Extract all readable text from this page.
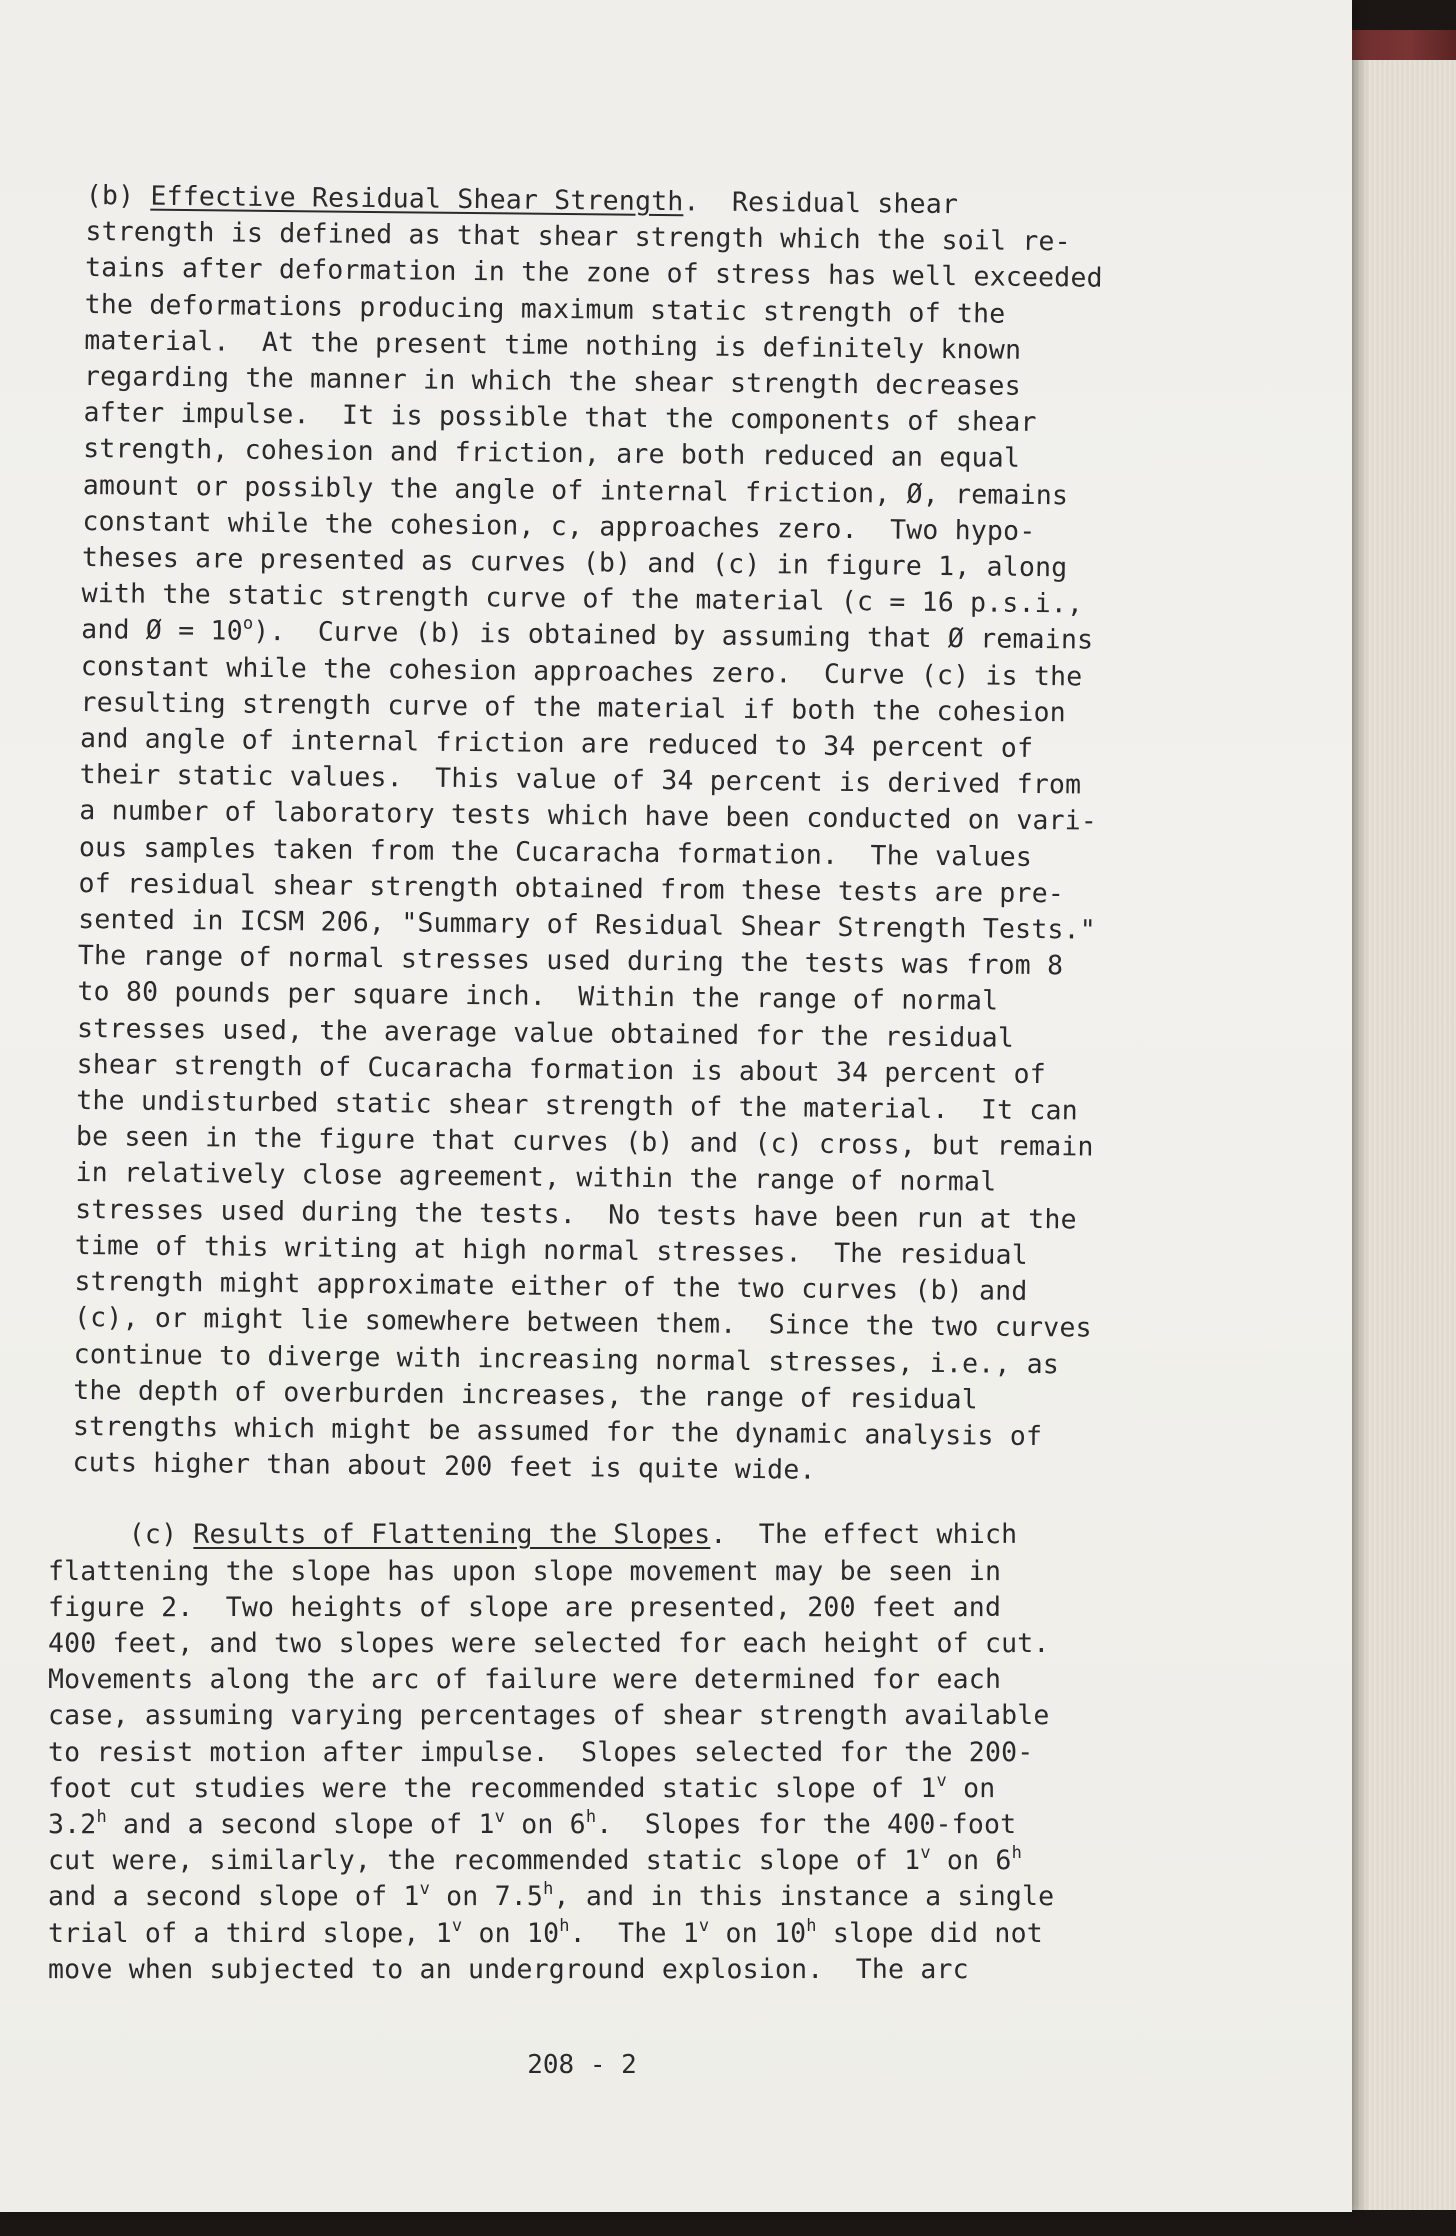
(b) Effective Residual Shear Strength.  Residual shear
strength is defined as that shear strength which the soil re-
tains after deformation in the zone of stress has well exceeded
the deformations producing maximum static strength of the
material.  At the present time nothing is definitely known
regarding the manner in which the shear strength decreases
after impulse.  It is possible that the components of shear
strength, cohesion and friction, are both reduced an equal
amount or possibly the angle of internal friction, Ø, remains
constant while the cohesion, c, approaches zero.  Two hypo-
theses are presented as curves (b) and (c) in figure 1, along
with the static strength curve of the material (c = 16 p.s.i.,
and Ø = $10^o$).  Curve (b) is obtained by assuming that Ø remains
constant while the cohesion approaches zero.  Curve (c) is the
resulting strength curve of the material if both the cohesion
and angle of internal friction are reduced to 34 percent of
their static values.  This value of 34 percent is derived from
a number of laboratory tests which have been conducted on vari-
ous samples taken from the Cucaracha formation.  The values
of residual shear strength obtained from these tests are pre-
sented in ICSM 206, "Summary of Residual Shear Strength Tests."
The range of normal stresses used during the tests was from 8
to 80 pounds per square inch.  Within the range of normal
stresses used, the average value obtained for the residual
shear strength of Cucaracha formation is about 34 percent of
the undisturbed static shear strength of the material.  It can
be seen in the figure that curves (b) and (c) cross, but remain
in relatively close agreement, within the range of normal
stresses used during the tests.  No tests have been run at the
time of this writing at high normal stresses.  The residual
strength might approximate either of the two curves (b) and
(c), or might lie somewhere between them.  Since the two curves
continue to diverge with increasing normal stresses, i.e., as
the depth of overburden increases, the range of residual
strengths which might be assumed for the dynamic analysis of
cuts higher than about 200 feet is quite wide.
(c) Results of Flattening the Slopes.  The effect which
flattening the slope has upon slope movement may be seen in
figure 2.  Two heights of slope are presented, 200 feet and
400 feet, and two slopes were selected for each height of cut.
Movements along the arc of failure were determined for each
case, assuming varying percentages of shear strength available
to resist motion after impulse.  Slopes selected for the 200-
foot cut studies were the recommended static slope of 1$^v$ on
3.2$^h$ and a second slope of 1$^v$ on 6$^h$.  Slopes for the 400-foot
cut were, similarly, the recommended static slope of 1$^v$ on 6$^h$
and a second slope of 1$^v$ on 7.5$^h$, and in this instance a single
trial of a third slope, 1$^v$ on 10$^h$.  The 1$^v$ on 10$^h$ slope did not
move when subjected to an underground explosion.  The arc
208 - 2
